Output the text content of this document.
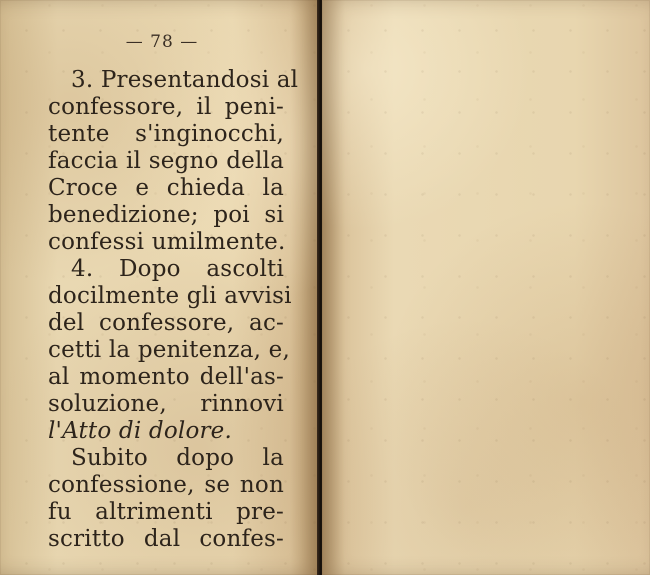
— 78 —
3. Presentandosi al
confessore, il peni-
tente s'inginocchi,
faccia il segno della
Croce e chieda la
benedizione; poi si
confessi umilmente.
4. Dopo ascolti
docilmente gli avvisi
del confessore, ac-
cetti la penitenza, e,
al momento dell'as-
soluzione, rinnovi
l'Atto di dolore.
Subito dopo la
confessione, se non
fu altrimenti pre-
scritto dal confes-
